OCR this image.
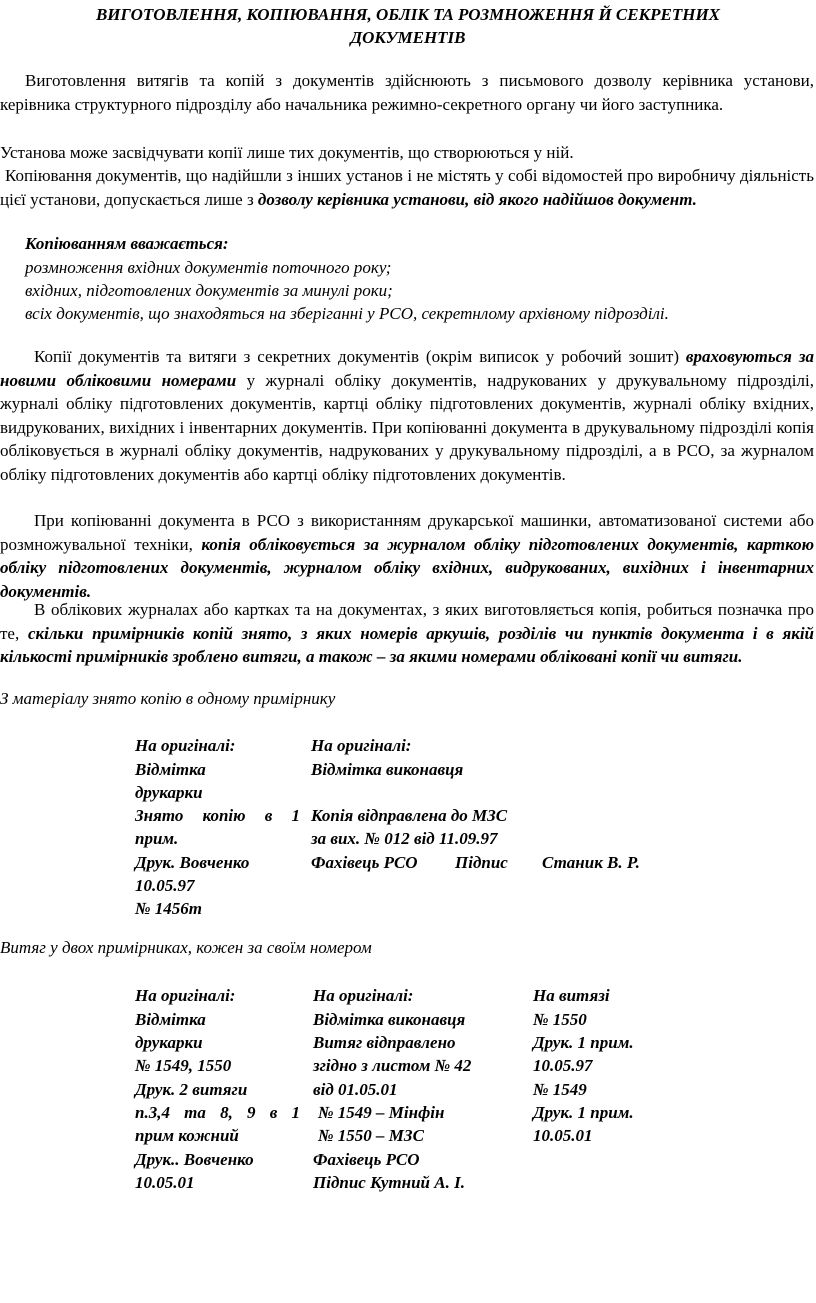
ВИГОТОВЛЕННЯ, КОПІЮВАННЯ, ОБЛІК ТА РОЗМНОЖЕННЯ Й СЕКРЕТНИХ
ДОКУМЕНТІВ
Виготовлення витягів та копій з документів здійснюють з письмового дозволу керівника установи, керівника структурного підрозділу або начальника режимно-секретного органу чи його заступника.
Установа може засвідчувати копії лише тих документів, що створюються у ній.
Копіювання документів, що надійшли з інших установ і не містять у собі відомостей про виробничу діяльність цієї установи, допускається лише з дозволу керівника установи, від якого надійшов документ.
Копіюванням вважається:
розмноження вхідних документів поточного року;
вхідних, підготовлених документів за минулі роки;
всіх документів, що знаходяться на зберіганні у РСО, секретнлому архівному підрозділі.
Копії документів та витяги з секретних документів (окрім виписок у робочий зошит) враховуються за новими обліковими номерами у журналі обліку документів, надрукованих у друкувальному підрозділі, журналі обліку підготовлених документів, картці обліку підготовлених документів, журналі обліку вхідних, видрукованих, вихідних і інвентарних документів. При копіюванні документа в друкувальному підрозділі копія обліковується в журналі обліку документів, надрукованих у друкувальному підрозділі, а в РСО, за журналом обліку підготовлених документів або картці обліку підготовлених документів.
При копіюванні документа в РСО з використанням друкарської машинки, автоматизованої системи або розмножувальної техніки, копія обліковується за журналом обліку підготовлених документів, карткою обліку підготовлених документів, журналом обліку вхідних, видрукованих, вихідних і інвентарних документів.
В облікових журналах або картках та на документах, з яких виготовляється копія, робиться позначка про те, скільки примірників копій знято, з яких номерів аркушів, розділів чи пунктів документа і в якій кількості примірників зроблено витяги, а також – за якими номерами обліковані копії чи витяги.
З матеріалу знято копію в одному примірнику
На оригіналі:
Відмітка
друкарки
Знято копію в 1
прим.
Друк. Вовченко
10.05.97
№ 1456т
На оригіналі:
Відмітка виконавця
Копія відправлена до МЗС
за вих. № 012 від 11.09.97
Фахівець РСО Підпис Станик В. Р.
Витяг у двох примірниках, кожен за своїм номером
На оригіналі:
Відмітка
друкарки
№ 1549, 1550
Друк. 2 витяги
п.3,4 та 8, 9 в 1
прим кожний
Друк.. Вовченко
10.05.01
На оригіналі:
Відмітка виконавця
Витяг відправлено
згідно з листом № 42
від 01.05.01
№ 1549 – Мінфін
№ 1550 – МЗС
Фахівець РСО
Підпис Кутний А. І.
На витязі
№ 1550
Друк. 1 прим.
10.05.97
№ 1549
Друк. 1 прим.
10.05.01
